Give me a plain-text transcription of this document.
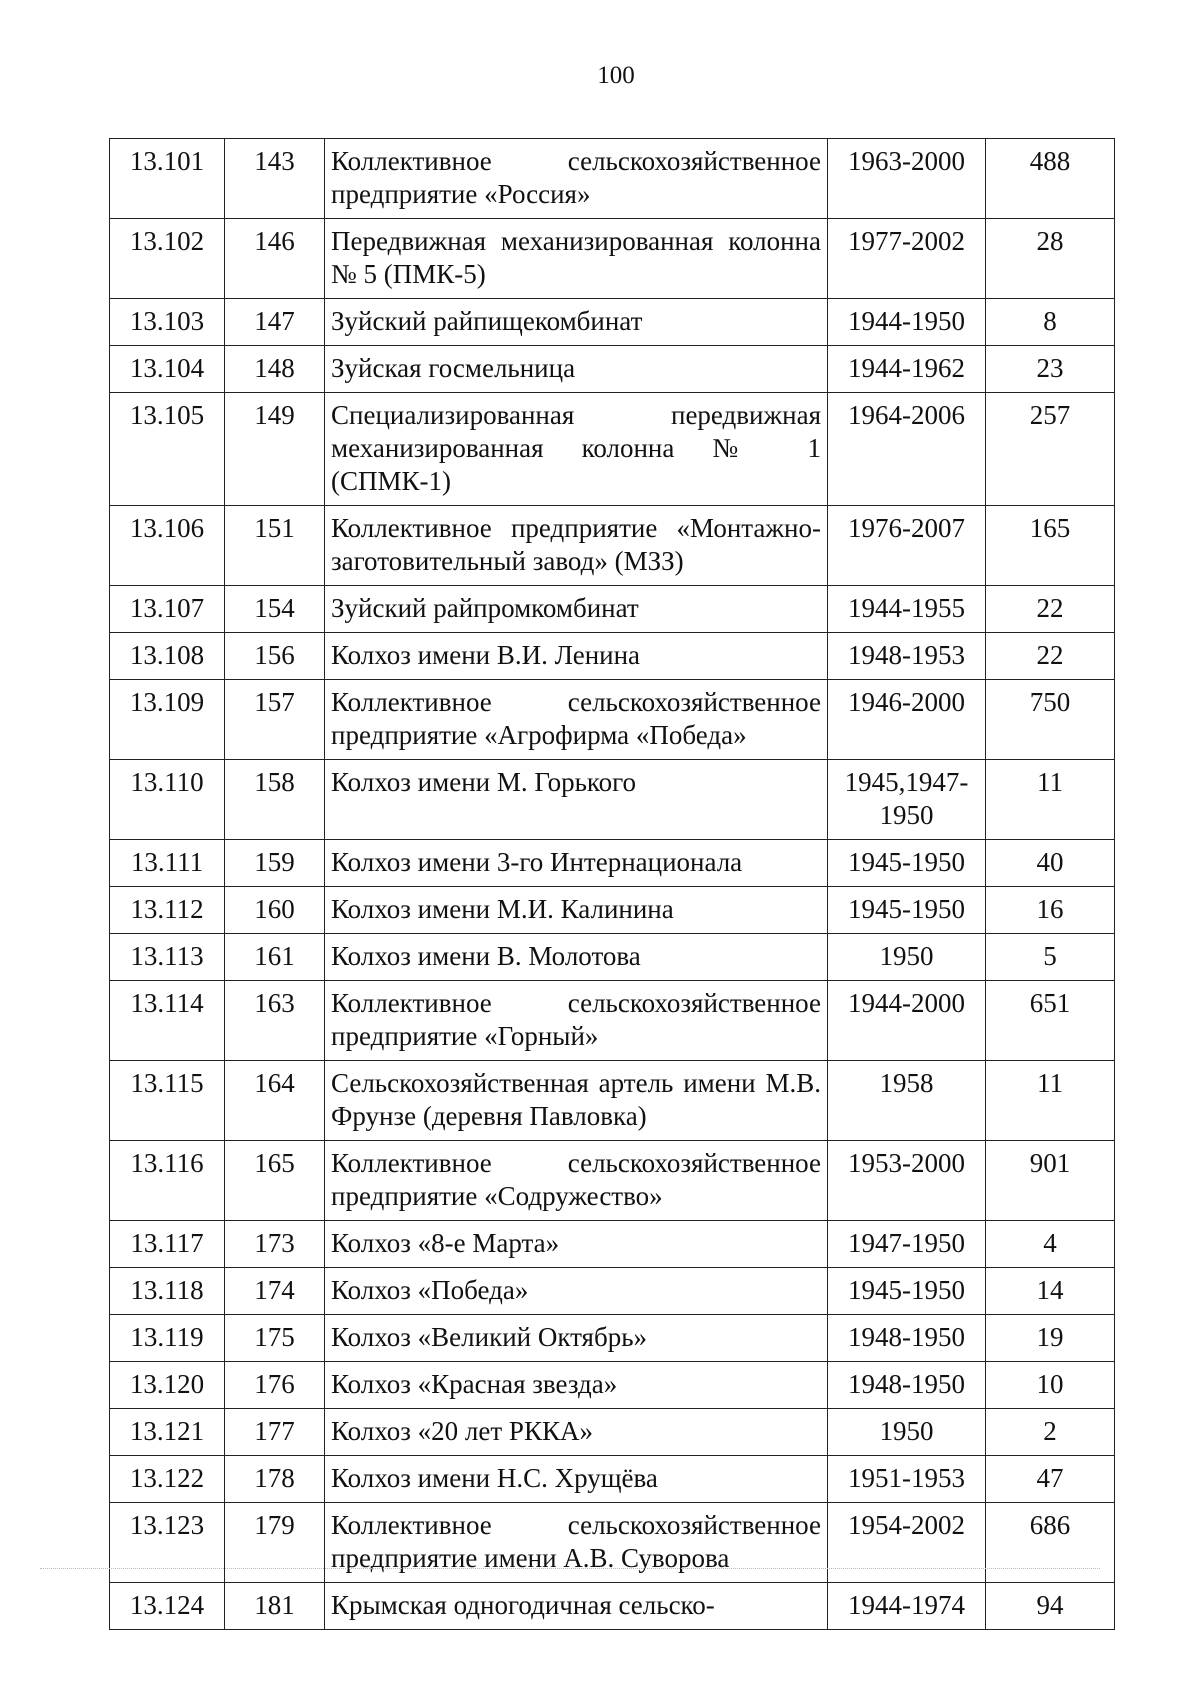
100
13.101	143	Коллективное сельскохозяйственное предприятие «Россия»	1963-2000	488
13.102	146	Передвижная механизированная колонна № 5 (ПМК-5)	1977-2002	28
13.103	147	Зуйский райпищекомбинат	1944-1950	8
13.104	148	Зуйская госмельница	1944-1962	23
13.105	149	Специализированная передвижная механизированная колонна № 1 (СПМК-1)	1964-2006	257
13.106	151	Коллективное предприятие «Монтажно-заготовительный завод» (МЗЗ)	1976-2007	165
13.107	154	Зуйский райпромкомбинат	1944-1955	22
13.108	156	Колхоз имени В.И. Ленина	1948-1953	22
13.109	157	Коллективное сельскохозяйственное предприятие «Агрофирма «Победа»	1946-2000	750
13.110	158	Колхоз имени М. Горького	1945,1947-1950	11
13.111	159	Колхоз имени 3-го Интернационала	1945-1950	40
13.112	160	Колхоз имени М.И. Калинина	1945-1950	16
13.113	161	Колхоз имени В. Молотова	1950	5
13.114	163	Коллективное сельскохозяйственное предприятие «Горный»	1944-2000	651
13.115	164	Сельскохозяйственная артель имени М.В. Фрунзе (деревня Павловка)	1958	11
13.116	165	Коллективное сельскохозяйственное предприятие «Содружество»	1953-2000	901
13.117	173	Колхоз «8-е Марта»	1947-1950	4
13.118	174	Колхоз «Победа»	1945-1950	14
13.119	175	Колхоз «Великий Октябрь»	1948-1950	19
13.120	176	Колхоз «Красная звезда»	1948-1950	10
13.121	177	Колхоз «20 лет РККА»	1950	2
13.122	178	Колхоз имени Н.С. Хрущёва	1951-1953	47
13.123	179	Коллективное сельскохозяйственное предприятие имени А.В. Суворова	1954-2002	686
13.124	181	Крымская одногодичная сельско-	1944-1974	94
